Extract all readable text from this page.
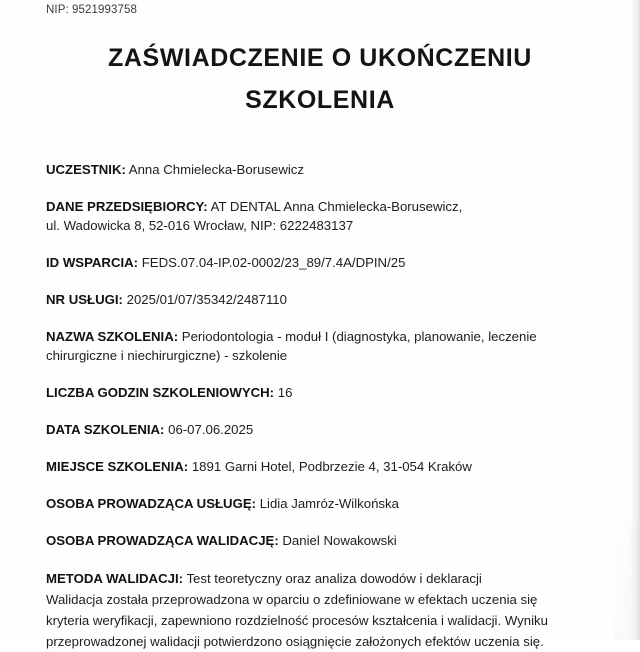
NIP: 9521993758
ZAŚWIADCZENIE O UKOŃCZENIU
SZKOLENIA
UCZESTNIK: Anna Chmielecka-Borusewicz
DANE PRZEDSIĘBIORCY: AT DENTAL Anna Chmielecka-Borusewicz, ul. Wadowicka 8, 52-016 Wrocław, NIP: 6222483137
ID WSPARCIA: FEDS.07.04-IP.02-0002/23_89/7.4A/DPIN/25
NR USŁUGI: 2025/01/07/35342/2487110
NAZWA SZKOLENIA: Periodontologia - moduł I (diagnostyka, planowanie, leczenie chirurgiczne i niechirurgiczne) - szkolenie
LICZBA GODZIN SZKOLENIOWYCH: 16
DATA SZKOLENIA: 06-07.06.2025
MIEJSCE SZKOLENIA: 1891 Garni Hotel, Podbrzezie 4, 31-054 Kraków
OSOBA PROWADZĄCA USŁUGĘ: Lidia Jamróz-Wilkońska
OSOBA PROWADZĄCA WALIDACJĘ: Daniel Nowakowski

METODA WALIDACJI: Test teoretyczny oraz analiza dowodów i deklaracji

Walidacja została przeprowadzona w oparciu o zdefiniowane w efektach uczenia się kryteria weryfikacji, zapewniono rozdzielność procesów kształcenia i walidacji. Wyniku przeprowadzonej walidacji potwierdzono osiągnięcie założonych efektów uczenia się.
